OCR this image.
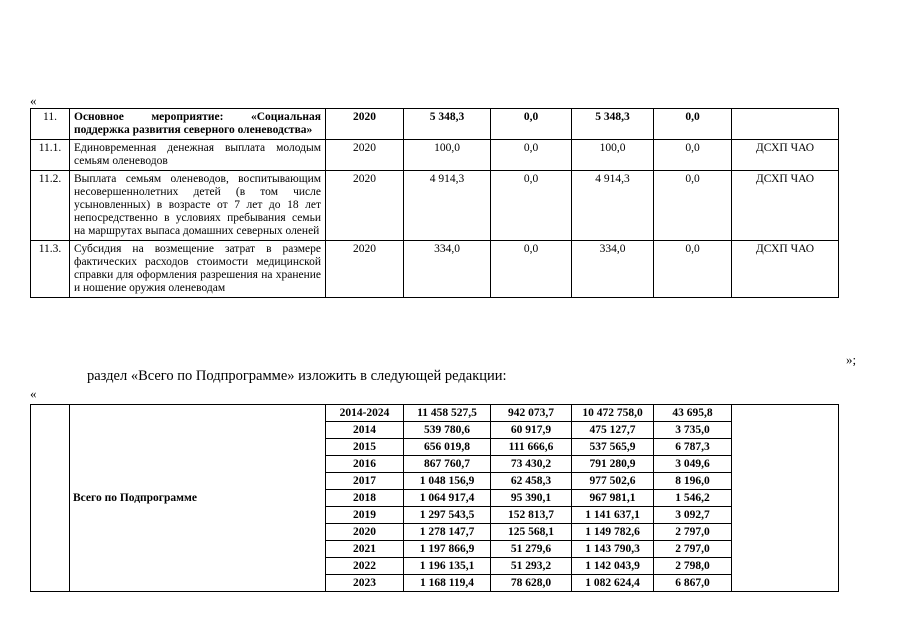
«
11.	Основное мероприятие: «Социальная поддержка развития северного оленеводства»	2020	5 348,3	0,0	5 348,3	0,0	
11.1.	Единовременная денежная выплата молодым семьям оленеводов	2020	100,0	0,0	100,0	0,0	ДСХП ЧАО
11.2.	Выплата семьям оленеводов, воспитывающим несовершеннолетних детей (в том числе усыновленных) в возрасте от 7 лет до 18 лет непосредственно в условиях пребывания семьи на маршрутах выпаса домашних северных оленей	2020	4 914,3	0,0	4 914,3	0,0	ДСХП ЧАО
11.3.	Субсидия на возмещение затрат в размере фактических расходов стоимости медицинской справки для оформления разрешения на хранение и ношение оружия оленеводам	2020	334,0	0,0	334,0	0,0	ДСХП ЧАО
»;
раздел «Всего по Подпрограмме» изложить в следующей редакции:
«
	Всего по Подпрограмме	2014-2024	11 458 527,5	942 073,7	10 472 758,0	43 695,8	
		2014	539 780,6	60 917,9	475 127,7	3 735,0	
		2015	656 019,8	111 666,6	537 565,9	6 787,3	
		2016	867 760,7	73 430,2	791 280,9	3 049,6	
		2017	1 048 156,9	62 458,3	977 502,6	8 196,0	
		2018	1 064 917,4	95 390,1	967 981,1	1 546,2	
		2019	1 297 543,5	152 813,7	1 141 637,1	3 092,7	
		2020	1 278 147,7	125 568,1	1 149 782,6	2 797,0	
		2021	1 197 866,9	51 279,6	1 143 790,3	2 797,0	
		2022	1 196 135,1	51 293,2	1 142 043,9	2 798,0	
		2023	1 168 119,4	78 628,0	1 082 624,4	6 867,0	
